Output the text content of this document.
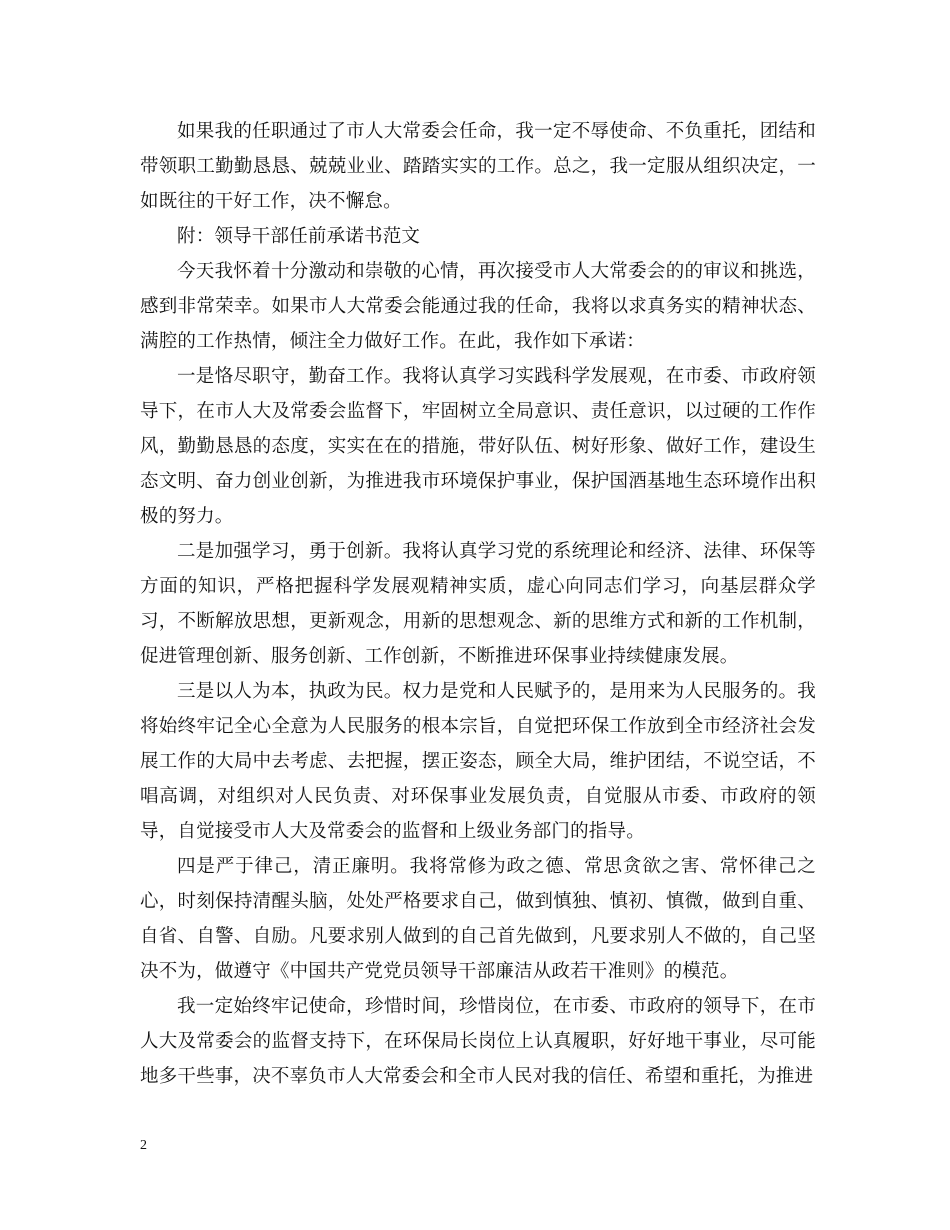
如果我的任职通过了市人大常委会任命，我一定不辱使命、不负重托，团结和带领职工勤勤恳恳、兢兢业业、踏踏实实的工作。总之，我一定服从组织决定，一如既往的干好工作，决不懈怠。

附：领导干部任前承诺书范文

今天我怀着十分激动和崇敬的心情，再次接受市人大常委会的的审议和挑选，感到非常荣幸。如果市人大常委会能通过我的任命，我将以求真务实的精神状态、满腔的工作热情，倾注全力做好工作。在此，我作如下承诺：

一是恪尽职守，勤奋工作。我将认真学习实践科学发展观，在市委、市政府领导下，在市人大及常委会监督下，牢固树立全局意识、责任意识，以过硬的工作作风，勤勤恳恳的态度，实实在在的措施，带好队伍、树好形象、做好工作，建设生态文明、奋力创业创新，为推进我市环境保护事业，保护国酒基地生态环境作出积极的努力。

二是加强学习，勇于创新。我将认真学习党的系统理论和经济、法律、环保等方面的知识，严格把握科学发展观精神实质，虚心向同志们学习，向基层群众学习，不断解放思想，更新观念，用新的思想观念、新的思维方式和新的工作机制，促进管理创新、服务创新、工作创新，不断推进环保事业持续健康发展。

三是以人为本，执政为民。权力是党和人民赋予的，是用来为人民服务的。我将始终牢记全心全意为人民服务的根本宗旨，自觉把环保工作放到全市经济社会发展工作的大局中去考虑、去把握，摆正姿态，顾全大局，维护团结，不说空话，不唱高调，对组织对人民负责、对环保事业发展负责，自觉服从市委、市政府的领导，自觉接受市人大及常委会的监督和上级业务部门的指导。

四是严于律己，清正廉明。我将常修为政之德、常思贪欲之害、常怀律己之心，时刻保持清醒头脑，处处严格要求自己，做到慎独、慎初、慎微，做到自重、自省、自警、自励。凡要求别人做到的自己首先做到，凡要求别人不做的，自己坚决不为，做遵守《中国共产党党员领导干部廉洁从政若干准则》的模范。

我一定始终牢记使命，珍惜时间，珍惜岗位，在市委、市政府的领导下，在市人大及常委会的监督支持下，在环保局长岗位上认真履职，好好地干事业，尽可能地多干些事，决不辜负市人大常委会和全市人民对我的信任、希望和重托，为推进

2
